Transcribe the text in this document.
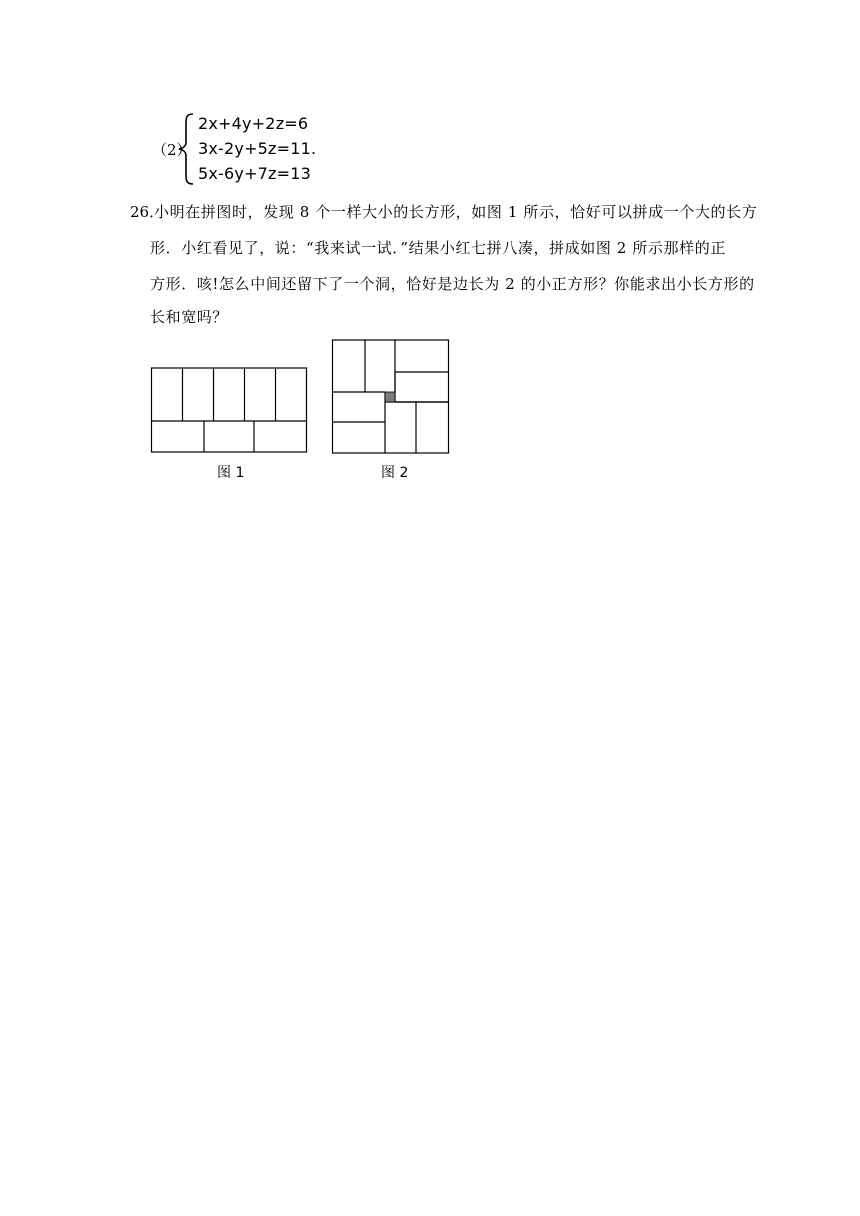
（2）
2x+4y+2z=6
3x-2y+5z=11.
5x-6y+7z=13
26．
小明在拼图时，发现 8 个一样大小的长方形，如图 1 所示，恰好可以拼成一个大的长方
形．小红看见了，说：“我来试一试．”结果小红七拼八凑，拼成如图 2 所示那样的正
方形．咳!怎么中间还留下了一个洞，恰好是边长为 2 的小正方形？你能求出小长方形的
长和宽吗？
图 1	图 2
